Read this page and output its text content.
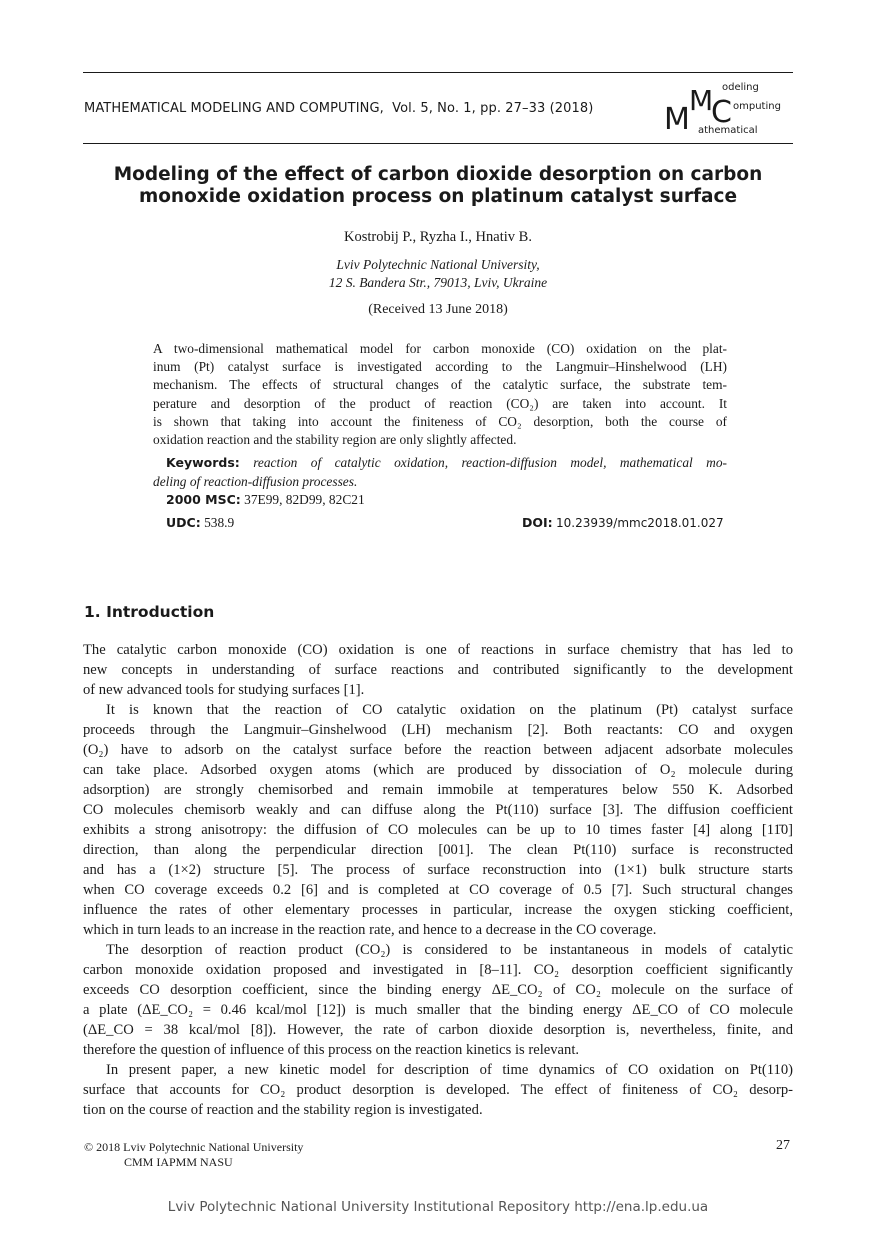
MATHEMATICAL MODELING AND COMPUTING, Vol. 5, No. 1, pp. 27–33 (2018) M
M
C
odeling
omputing
athematical
Modeling of the effect of carbon dioxide desorption on carbon
monoxide oxidation process on platinum catalyst surface
Kostrobij P., Ryzha I., Hnativ B.
Lviv Polytechnic National University,
12 S. Bandera Str., 79013, Lviv, Ukraine
(Received 13 June 2018)
A two-dimensional mathematical model for carbon monoxide (CO) oxidation on the plat-
inum (Pt) catalyst surface is investigated according to the Langmuir–Hinshelwood (LH)
mechanism. The effects of structural changes of the catalytic surface, the substrate tem-
perature and desorption of the product of reaction (CO₂) are taken into account. It
is shown that taking into account the finiteness of CO₂ desorption, both the course of
oxidation reaction and the stability region are only slightly affected.
Keywords: reaction of catalytic oxidation, reaction-diffusion model, mathematical mo-
deling of reaction-diffusion processes.
2000 MSC: 37E99, 82D99, 82C21
UDC: 538.9	DOI: 10.23939/mmc2018.01.027
1. Introduction
The catalytic carbon monoxide (CO) oxidation is one of reactions in surface chemistry that has led to
new concepts in understanding of surface reactions and contributed significantly to the development
of new advanced tools for studying surfaces [1].
It is known that the reaction of CO catalytic oxidation on the platinum (Pt) catalyst surface
proceeds through the Langmuir–Ginshelwood (LH) mechanism [2]. Both reactants: CO and oxygen
(O₂) have to adsorb on the catalyst surface before the reaction between adjacent adsorbate molecules
can take place. Adsorbed oxygen atoms (which are produced by dissociation of O₂ molecule during
adsorption) are strongly chemisorbed and remain immobile at temperatures below 550 K. Adsorbed
CO molecules chemisorb weakly and can diffuse along the Pt(110) surface [3]. The diffusion coefficient
exhibits a strong anisotropy: the diffusion of CO molecules can be up to 10 times faster [4] along [11̄0]
direction, than along the perpendicular direction [001]. The clean Pt(110) surface is reconstructed
and has a (1×2) structure [5]. The process of surface reconstruction into (1×1) bulk structure starts
when CO coverage exceeds 0.2 [6] and is completed at CO coverage of 0.5 [7]. Such structural changes
influence the rates of other elementary processes in particular, increase the oxygen sticking coefficient,
which in turn leads to an increase in the reaction rate, and hence to a decrease in the CO coverage.
The desorption of reaction product (CO₂) is considered to be instantaneous in models of catalytic
carbon monoxide oxidation proposed and investigated in [8–11]. CO₂ desorption coefficient significantly
exceeds CO desorption coefficient, since the binding energy ΔE_CO₂ of CO₂ molecule on the surface of
a plate (ΔE_CO₂ = 0.46 kcal/mol [12]) is much smaller that the binding energy ΔE_CO of CO molecule
(ΔE_CO = 38 kcal/mol [8]). However, the rate of carbon dioxide desorption is, nevertheless, finite, and
therefore the question of influence of this process on the reaction kinetics is relevant.
In present paper, a new kinetic model for description of time dynamics of CO oxidation on Pt(110)
surface that accounts for CO₂ product desorption is developed. The effect of finiteness of CO₂ desorp-
tion on the course of reaction and the stability region is investigated.
© 2018 Lviv Polytechnic National University
CMM IAPMM NASU
27
Lviv Polytechnic National University Institutional Repository http://ena.lp.edu.ua
